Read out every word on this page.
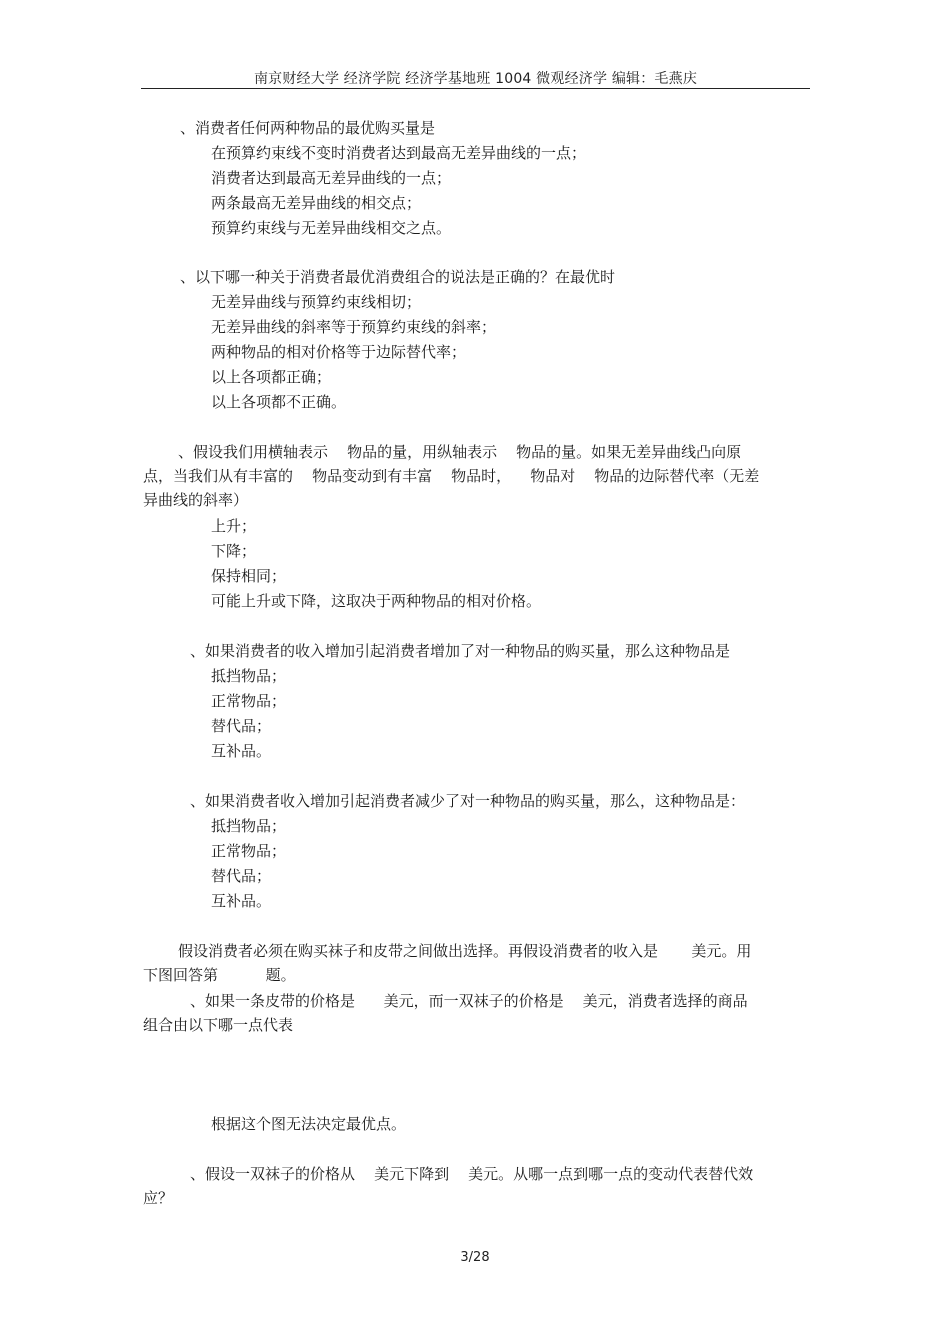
南京财经大学 经济学院 经济学基地班 1004 微观经济学 编辑：毛燕庆
、消费者任何两种物品的最优购买量是
在预算约束线不变时消费者达到最高无差异曲线的一点；
消费者达到最高无差异曲线的一点；
两条最高无差异曲线的相交点；
预算约束线与无差异曲线相交之点。
、以下哪一种关于消费者最优消费组合的说法是正确的？在最优时
无差异曲线与预算约束线相切；
无差异曲线的斜率等于预算约束线的斜率；
两种物品的相对价格等于边际替代率；
以上各项都正确；
以上各项都不正确。
、假设我们用横轴表示    物品的量，用纵轴表示    物品的量。如果无差异曲线凸向原
点，当我们从有丰富的    物品变动到有丰富    物品时，    物品对    物品的边际替代率（无差
异曲线的斜率）
上升；
下降；
保持相同；
可能上升或下降，这取决于两种物品的相对价格。
、如果消费者的收入增加引起消费者增加了对一种物品的购买量，那么这种物品是
抵挡物品；
正常物品；
替代品；
互补品。
、如果消费者收入增加引起消费者减少了对一种物品的购买量，那么，这种物品是：
抵挡物品；
正常物品；
替代品；
互补品。
假设消费者必须在购买袜子和皮带之间做出选择。再假设消费者的收入是       美元。用
下图回答第          题。
、如果一条皮带的价格是      美元，而一双袜子的价格是    美元，消费者选择的商品
组合由以下哪一点代表
根据这个图无法决定最优点。
、假设一双袜子的价格从    美元下降到    美元。从哪一点到哪一点的变动代表替代效
应？
3/28
